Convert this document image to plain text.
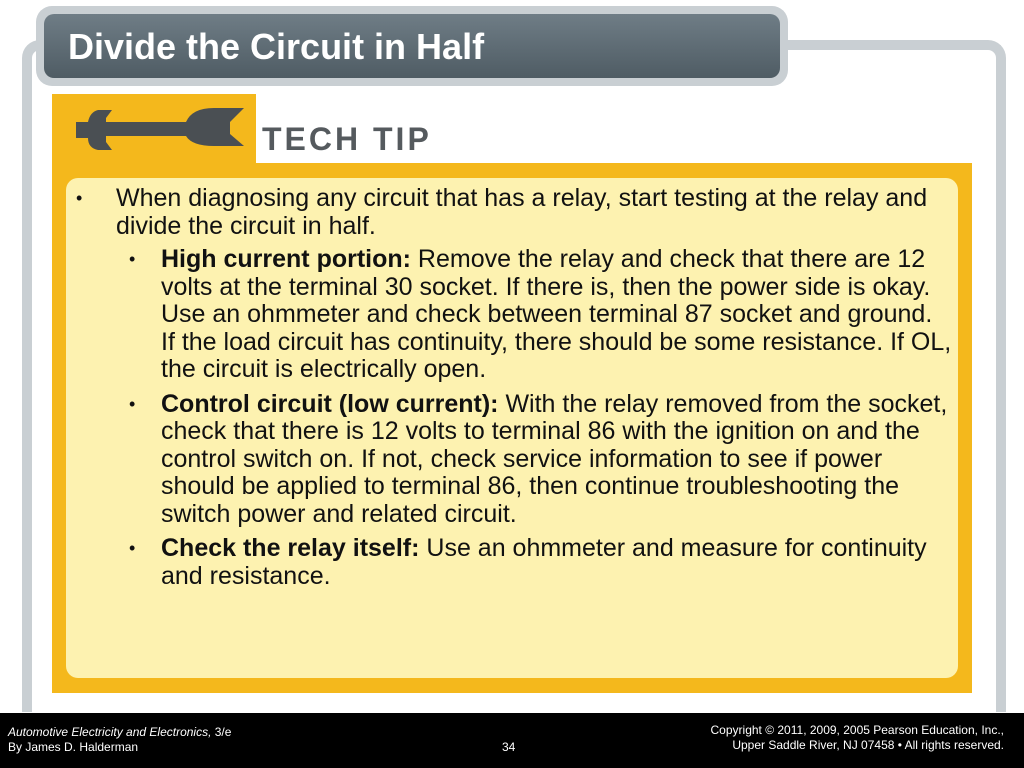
Divide the Circuit in Half
TECH TIP
• When diagnosing any circuit that has a relay, start testing at the relay and divide the circuit in half.
• High current portion: Remove the relay and check that there are 12 volts at the terminal 30 socket. If there is, then the power side is okay. Use an ohmmeter and check between terminal 87 socket and ground. If the load circuit has continuity, there should be some resistance. If OL, the circuit is electrically open.
• Control circuit (low current): With the relay removed from the socket, check that there is 12 volts to terminal 86 with the ignition on and the control switch on. If not, check service information to see if power should be applied to terminal 86, then continue troubleshooting the switch power and related circuit.
• Check the relay itself: Use an ohmmeter and measure for continuity and resistance.
Automotive Electricity and Electronics, 3/e
By James D. Halderman	34
Copyright © 2011, 2009, 2005 Pearson Education, Inc.,
Upper Saddle River, NJ 07458 • All rights reserved.
